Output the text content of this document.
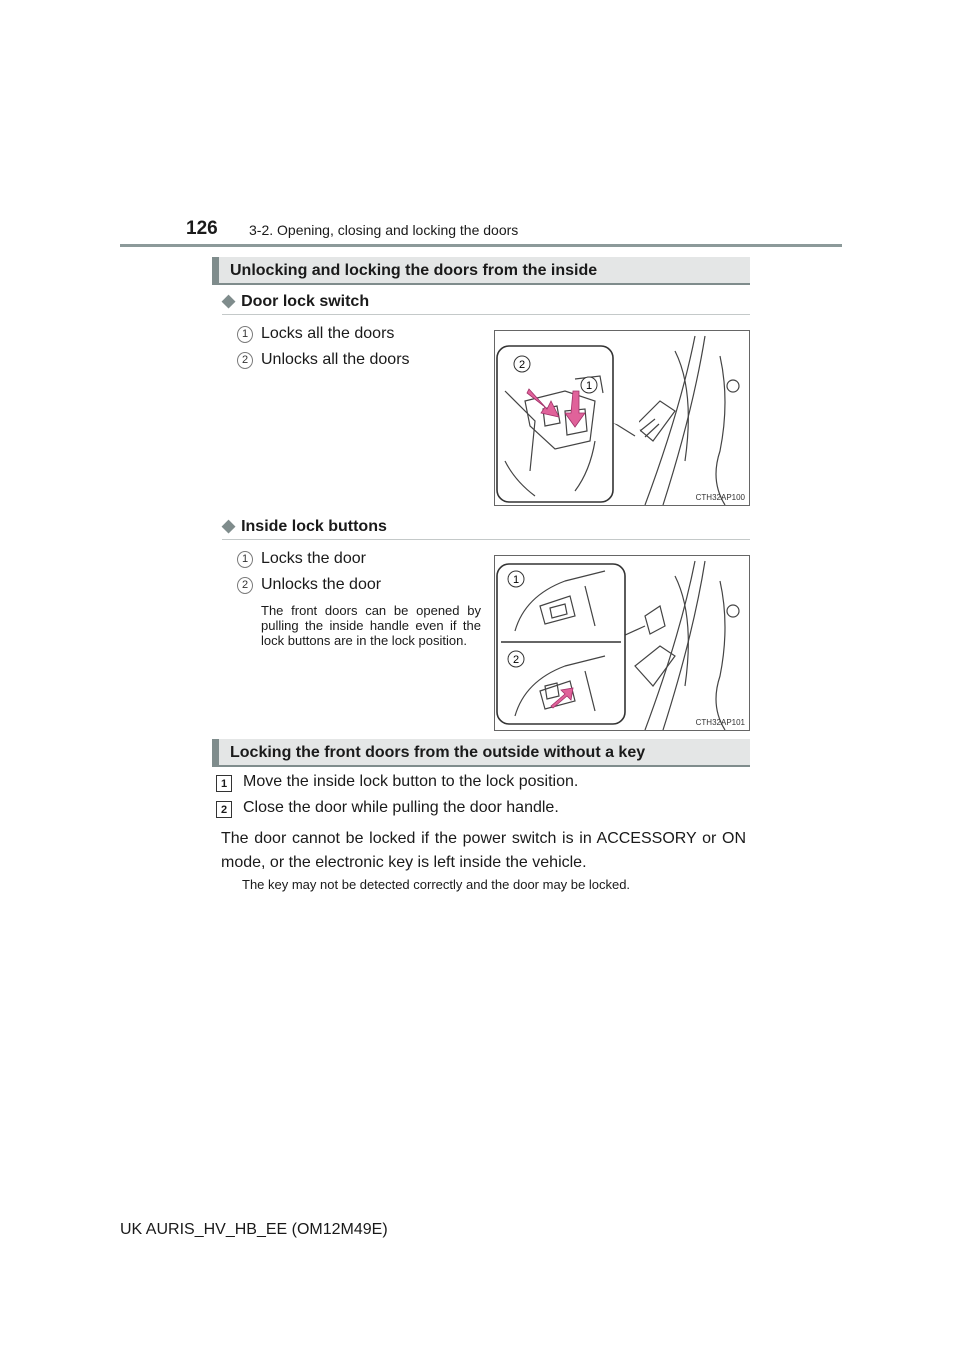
126 3-2. Opening, closing and locking the doors
Unlocking and locking the doors from the inside
◆ Door lock switch
1 Locks all the doors
2 Unlocks all the doors	2
1
CTH32AP100
◆ Inside lock buttons
1 Locks the door
2 Unlocks the door
The front doors can be opened by pulling the inside handle even if the lock buttons are in the lock position.
1
2
CTH32AP101
Locking the front doors from the outside without a key
1 Move the inside lock button to the lock position.
2 Close the door while pulling the door handle.
The door cannot be locked if the power switch is in ACCESSORY or ON mode, or the electronic key is left inside the vehicle.
The key may not be detected correctly and the door may be locked.
UK AURIS_HV_HB_EE (OM12M49E)
